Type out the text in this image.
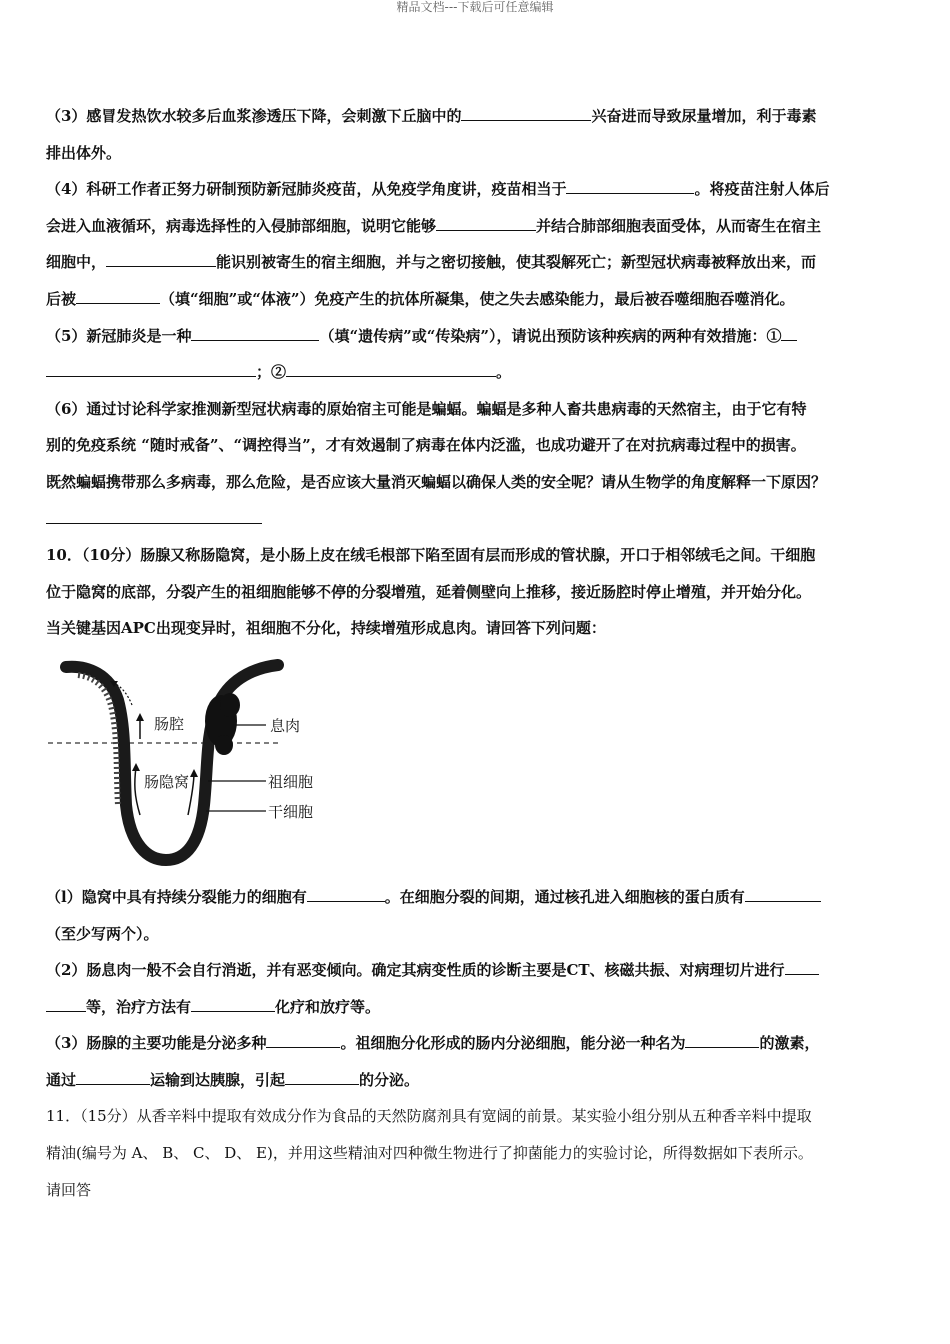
精品文档---下载后可任意编辑
（3）感冒发热饮水较多后血浆渗透压下降，会刺激下丘脑中的	兴奋进而导致尿量增加，利于毒素
排出体外。
（4）科研工作者正努力研制预防新冠肺炎疫苗，从免疫学角度讲，疫苗相当于	。将疫苗注射人体后
会进入血液循环，病毒选择性的入侵肺部细胞，说明它能够	并结合肺部细胞表面受体，从而寄生在宿主
细胞中，	能识别被寄生的宿主细胞，并与之密切接触，使其裂解死亡；新型冠状病毒被释放出来，而
后被	（填“细胞”或“体液”）免疫产生的抗体所凝集，使之失去感染能力，最后被吞噬细胞吞噬消化。
（5）新冠肺炎是一种	（填“遗传病”或“传染病”），请说出预防该种疾病的两种有效措施：①
；②	。
（6）通过讨论科学家推测新型冠状病毒的原始宿主可能是蝙蝠。蝙蝠是多种人畜共患病毒的天然宿主，由于它有特
别的免疫系统 “随时戒备”、“调控得当”，才有效遏制了病毒在体内泛滥，也成功避开了在对抗病毒过程中的损害。
既然蝙蝠携带那么多病毒，那么危险，是否应该大量消灭蝙蝠以确保人类的安全呢？请从生物学的角度解释一下原因？
10．（10分）肠腺又称肠隐窝，是小肠上皮在绒毛根部下陷至固有层而形成的管状腺，开口于相邻绒毛之间。干细胞
位于隐窝的底部，分裂产生的祖细胞能够不停的分裂增殖，延着侧壁向上推移，接近肠腔时停止增殖，并开始分化。
当关键基因APC出现变异时，祖细胞不分化，持续增殖形成息肉。请回答下列问题：
肠腔
肠隐窝
息肉
祖细胞
干细胞
（l）隐窝中具有持续分裂能力的细胞有	。在细胞分裂的间期，通过核孔进入细胞核的蛋白质有
（至少写两个）。
（2）肠息肉一般不会自行消逝，并有恶变倾向。确定其病变性质的诊断主要是CT、核磁共振、对病理切片进行
等，治疗方法有	化疗和放疗等。
（3）肠腺的主要功能是分泌多种	。祖细胞分化形成的肠内分泌细胞，能分泌一种名为	的激素，
通过	运输到达胰腺，引起	的分泌。
11．（15分）从香辛料中提取有效成分作为食品的天然防腐剂具有宽阔的前景。某实验小组分别从五种香辛料中提取
精油(编号为 A、 B、 C、 D、 E)，并用这些精油对四种微生物进行了抑菌能力的实验讨论，所得数据如下表所示。
请回答
